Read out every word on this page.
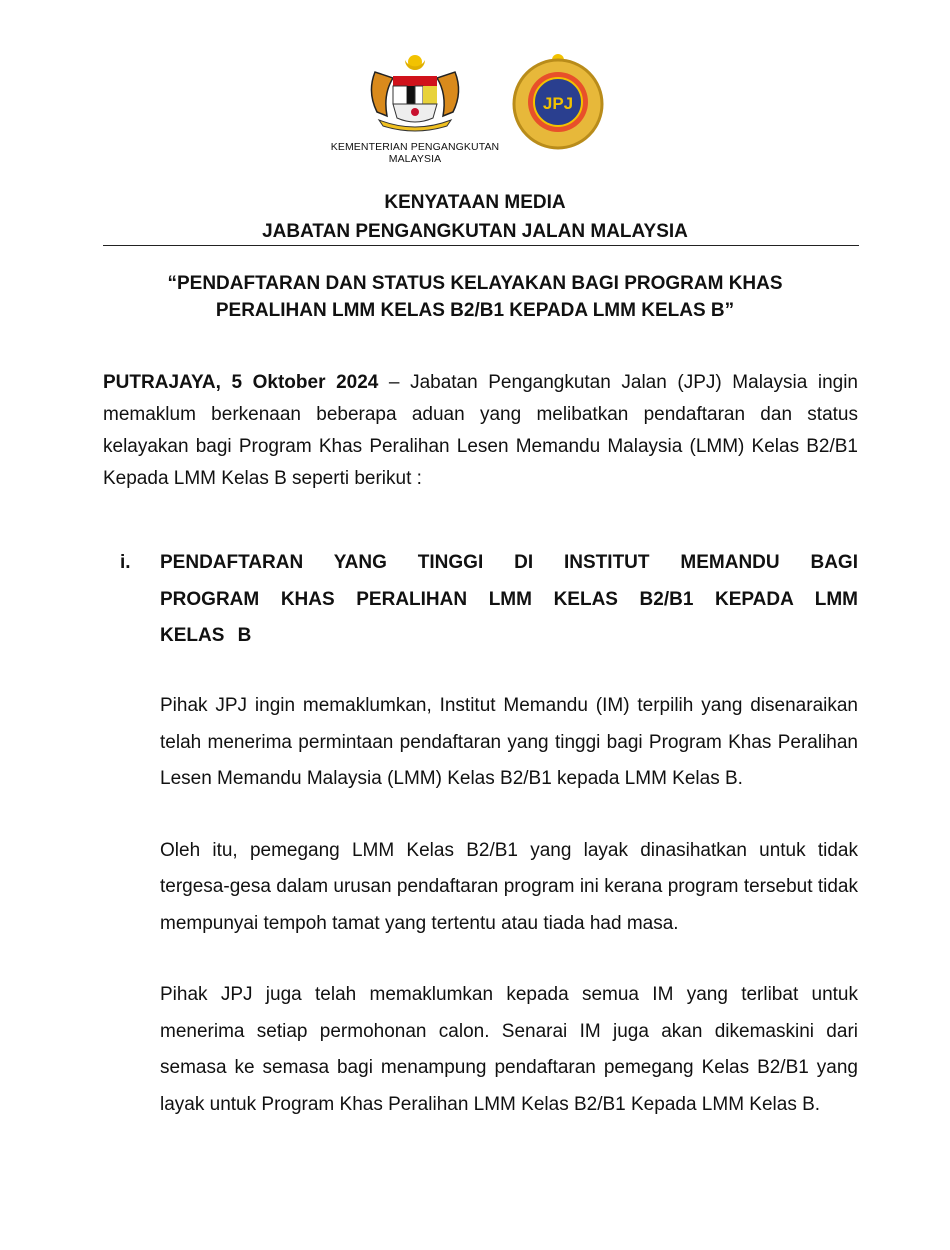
KEMENTERIAN PENGANGKUTAN
MALAYSIA
JPJ
KENYATAAN MEDIA
JABATAN PENGANGKUTAN JALAN MALAYSIA
“PENDAFTARAN DAN STATUS KELAYAKAN BAGI PROGRAM KHAS
PERALIHAN LMM KELAS B2/B1 KEPADA LMM KELAS B”
PUTRAJAYA, 5 Oktober 2024 – Jabatan Pengangkutan Jalan (JPJ) Malaysia ingin memaklum berkenaan beberapa aduan yang melibatkan pendaftaran dan status kelayakan bagi Program Khas Peralihan Lesen Memandu Malaysia (LMM) Kelas B2/B1 Kepada LMM Kelas B seperti berikut :
i. PENDAFTARAN YANG TINGGI DI INSTITUT MEMANDU BAGI PROGRAM KHAS PERALIHAN LMM KELAS B2/B1 KEPADA LMM KELAS B

Pihak JPJ ingin memaklumkan, Institut Memandu (IM) terpilih yang disenaraikan telah menerima permintaan pendaftaran yang tinggi bagi Program Khas Peralihan Lesen Memandu Malaysia (LMM) Kelas B2/B1 kepada LMM Kelas B.

Oleh itu, pemegang LMM Kelas B2/B1 yang layak dinasihatkan untuk tidak tergesa-gesa dalam urusan pendaftaran program ini kerana program tersebut tidak mempunyai tempoh tamat yang tertentu atau tiada had masa.

Pihak JPJ juga telah memaklumkan kepada semua IM yang terlibat untuk menerima setiap permohonan calon. Senarai IM juga akan dikemaskini dari semasa ke semasa bagi menampung pendaftaran pemegang Kelas B2/B1 yang layak untuk Program Khas Peralihan LMM Kelas B2/B1 Kepada LMM Kelas B.
